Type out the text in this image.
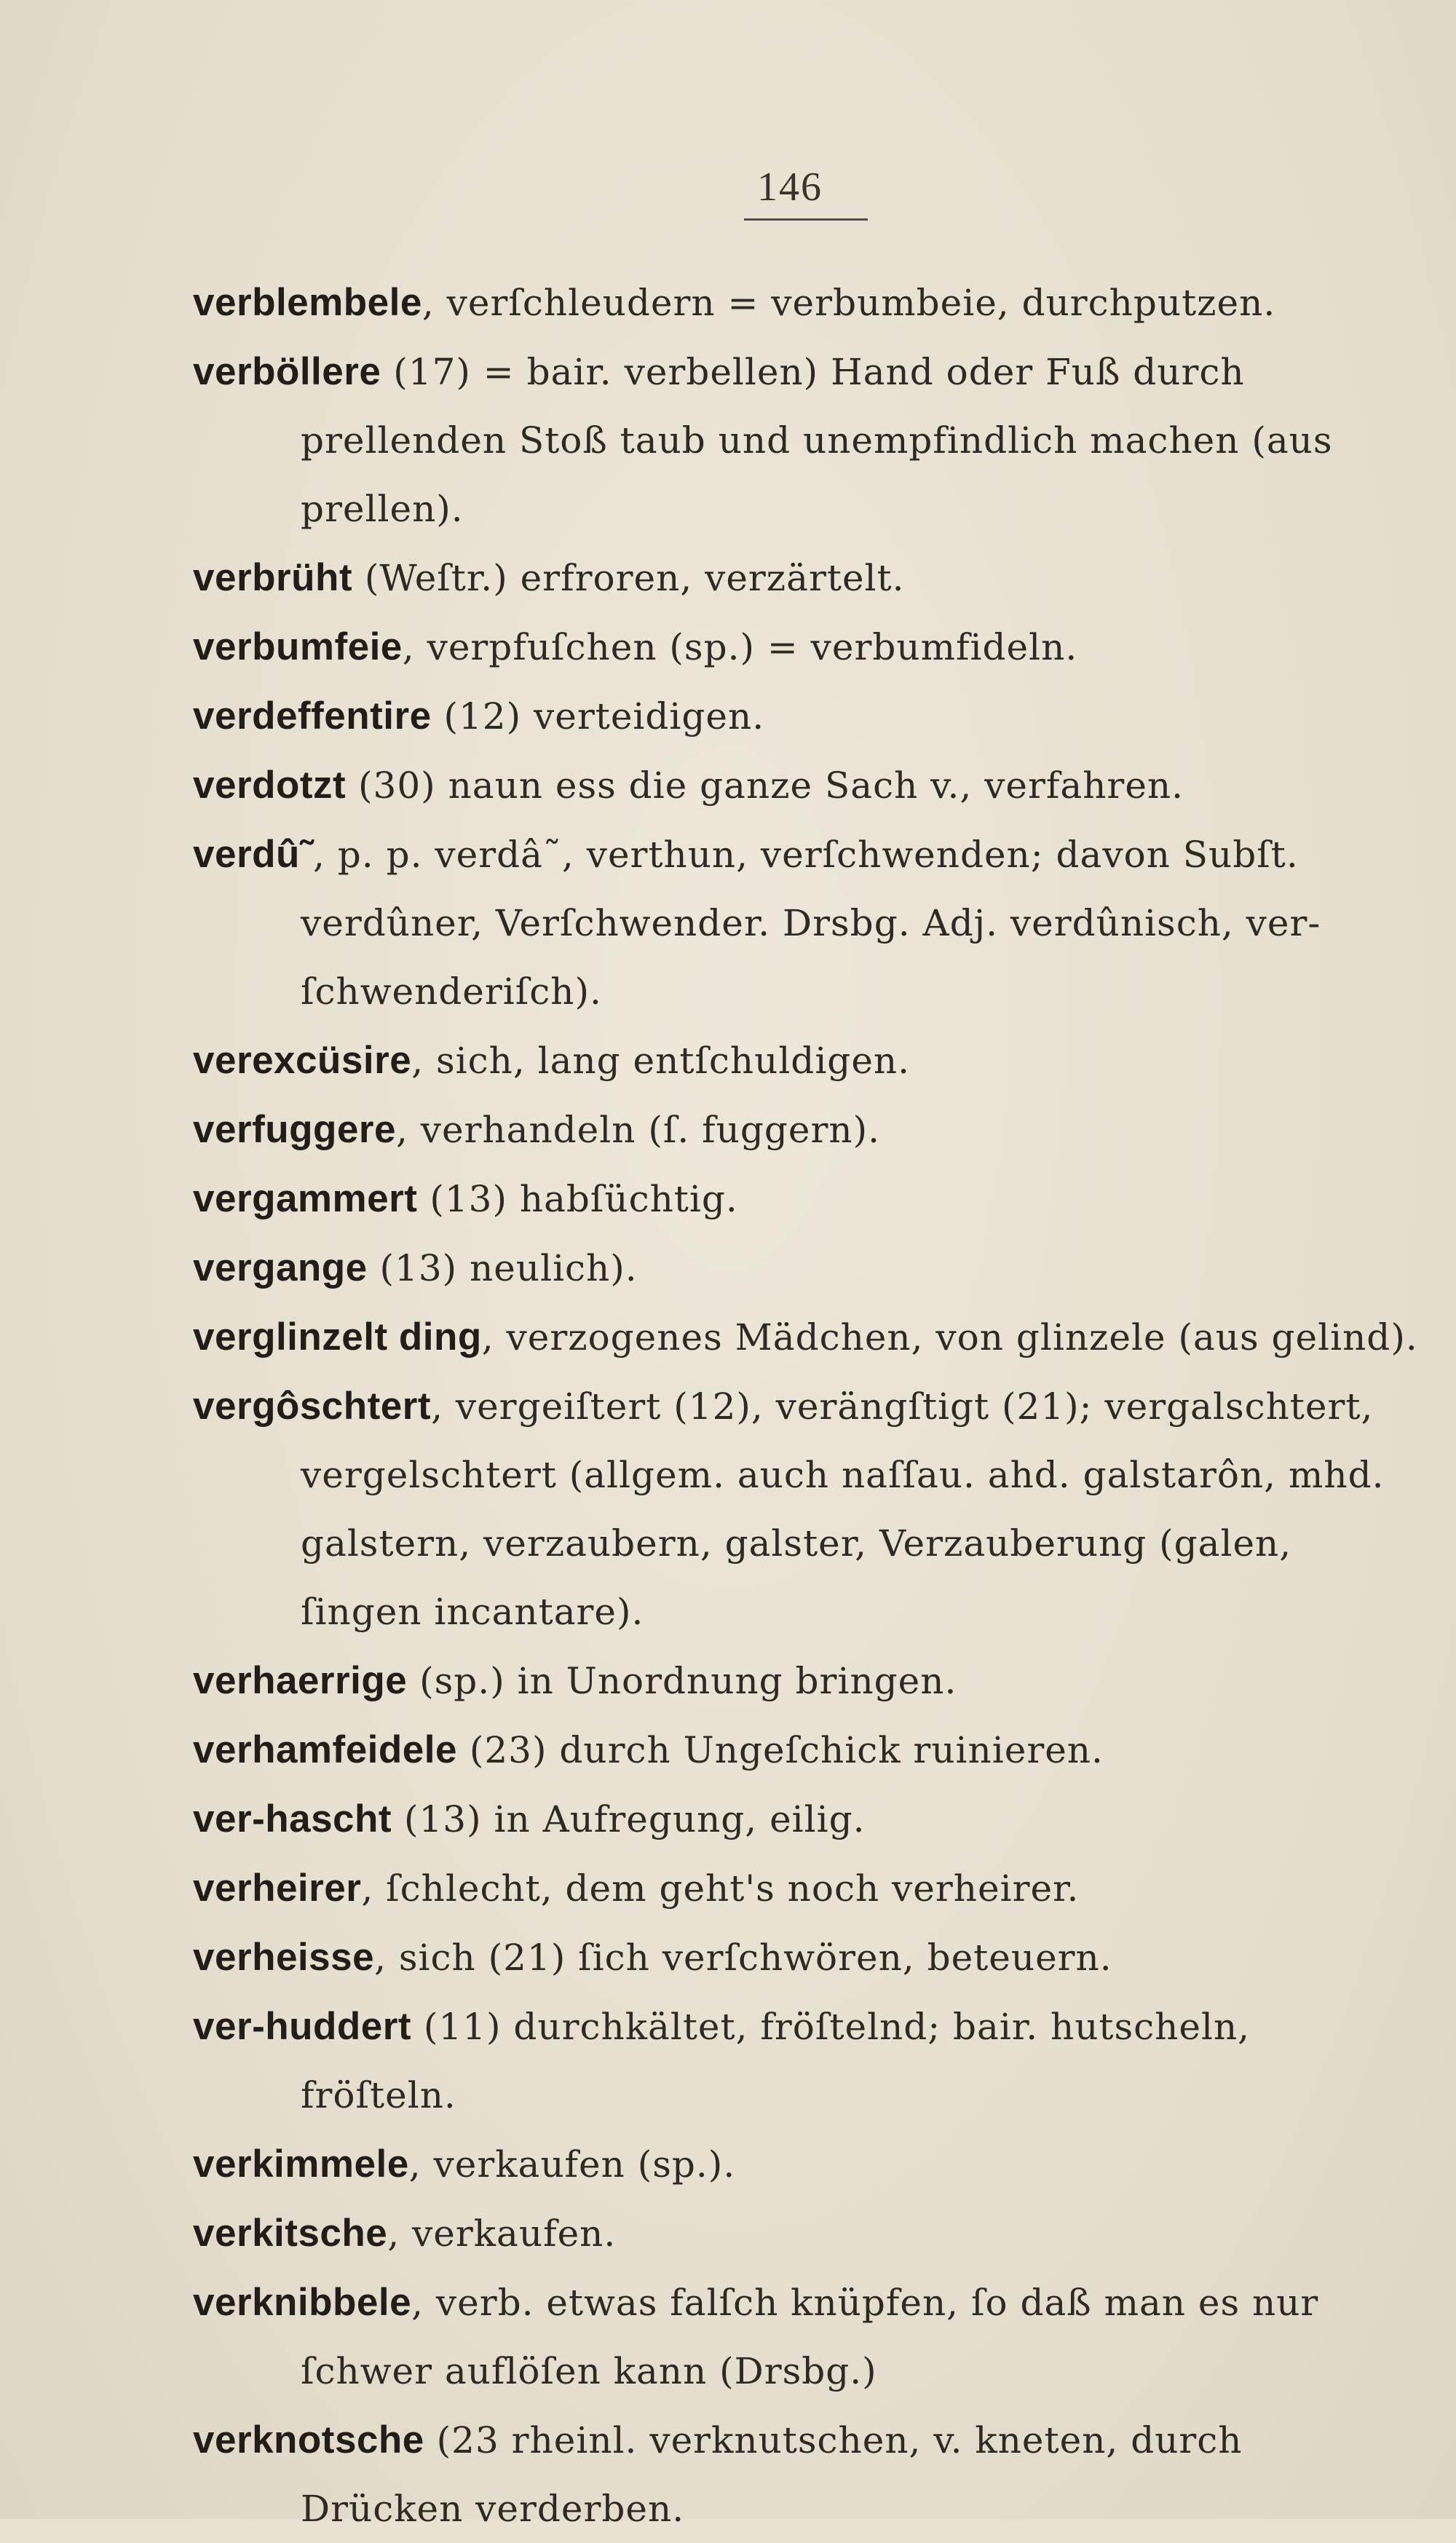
146

verblemb​ele, verſchleudern = verbumbeie, durchputzen.

verböllere (17) = bair. verbellen) Hand oder Fuß durch
prellenden Stoß taub und unempfindlich machen (aus
prellen).

verbrüht (Weſtr.) erfroren, verzärtelt.

verbumfeie, verpfuſchen (sp.) = verbumfideln.

verdeffentire (12) verteidigen.

verdotzt (30) naun ess die ganze Sach v., verfahren.

verdû˜, p. p. verdâ˜, verthun, verſchwenden; davon Subſt.
verdûner, Verſchwender. Drsbg. Adj. verdûnisch, ver-
ſchwenderiſch).

verexcüsire, sich, lang entſchuldigen.

verfuggere, verhandeln (ſ. fuggern).

vergammert (13) habſüchtig.

vergange (13) neulich).

verglinzelt ding, verzogenes Mädchen, von glinzele (aus gelind).

vergôschtert, vergeiſtert (12), verängſtigt (21); vergalschtert,
vergelschtert (allgem. auch naſſau. ahd. galstarôn, mhd.
galstern, verzaubern, galster, Verzauberung (galen,
ſingen incantare).

verhaerrige (sp.) in Unordnung bringen.

verhamfeidele (23) durch Ungeſchick ruinieren.

ver-hascht (13) in Aufregung, eilig.

verheirer, ſchlecht, dem geht's noch verheirer.

verheisse, sich (21) ſich verſchwören, beteuern.

ver-huddert (11) durchkältet, fröſtelnd; bair. hutscheln,
fröſteln.

verkimmele, verkaufen (sp.).

verkitsche, verkaufen.

verknibbele, verb. etwas falſch knüpfen, ſo daß man es nur
ſchwer auflöſen kann (Drsbg.)

verknotsche (23 rheinl. verknutschen, v. kneten, durch
Drücken verderben.
